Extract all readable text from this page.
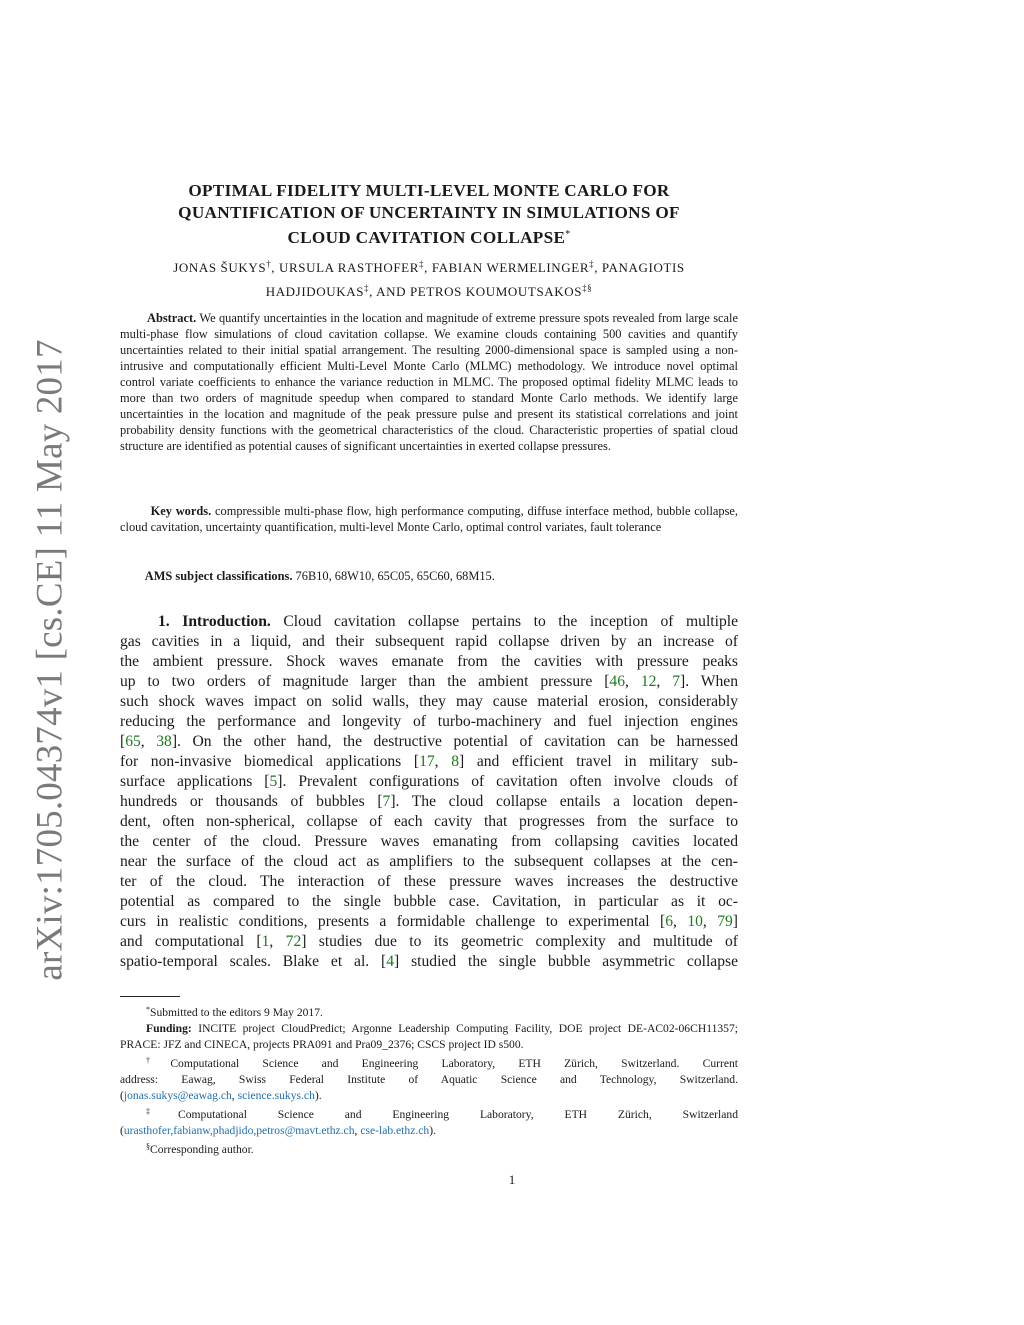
arXiv:1705.04374v1 [cs.CE] 11 May 2017
OPTIMAL FIDELITY MULTI-LEVEL MONTE CARLO FOR
QUANTIFICATION OF UNCERTAINTY IN SIMULATIONS OF
CLOUD CAVITATION COLLAPSE*
JONAS ŠUKYS†, URSULA RASTHOFER‡, FABIAN WERMELINGER‡, PANAGIOTIS
HADJIDOUKAS‡, AND PETROS KOUMOUTSAKOS‡§
Abstract. We quantify uncertainties in the location and magnitude of extreme pressure spots revealed from large scale multi-phase flow simulations of cloud cavitation collapse. We examine clouds containing 500 cavities and quantify uncertainties related to their initial spatial arrangement. The resulting 2000-dimensional space is sampled using a non-intrusive and computationally efficient Multi-Level Monte Carlo (MLMC) methodology. We introduce novel optimal control variate coefficients to enhance the variance reduction in MLMC. The proposed optimal fidelity MLMC leads to more than two orders of magnitude speedup when compared to standard Monte Carlo methods. We identify large uncertainties in the location and magnitude of the peak pressure pulse and present its statistical correlations and joint probability density functions with the geometrical characteristics of the cloud. Characteristic properties of spatial cloud structure are identified as potential causes of significant uncertainties in exerted collapse pressures.
Key words. compressible multi-phase flow, high performance computing, diffuse interface method, bubble collapse, cloud cavitation, uncertainty quantification, multi-level Monte Carlo, optimal control variates, fault tolerance
AMS subject classifications. 76B10, 68W10, 65C05, 65C60, 68M15.
1. Introduction. Cloud cavitation collapse pertains to the inception of multiple
gas cavities in a liquid, and their subsequent rapid collapse driven by an increase of
the ambient pressure. Shock waves emanate from the cavities with pressure peaks
up to two orders of magnitude larger than the ambient pressure [46, 12, 7]. When
such shock waves impact on solid walls, they may cause material erosion, considerably
reducing the performance and longevity of turbo-machinery and fuel injection engines
[65, 38]. On the other hand, the destructive potential of cavitation can be harnessed
for non-invasive biomedical applications [17, 8] and efficient travel in military sub-
surface applications [5]. Prevalent configurations of cavitation often involve clouds of
hundreds or thousands of bubbles [7]. The cloud collapse entails a location depen-
dent, often non-spherical, collapse of each cavity that progresses from the surface to
the center of the cloud. Pressure waves emanating from collapsing cavities located
near the surface of the cloud act as amplifiers to the subsequent collapses at the cen-
ter of the cloud. The interaction of these pressure waves increases the destructive
potential as compared to the single bubble case. Cavitation, in particular as it oc-
curs in realistic conditions, presents a formidable challenge to experimental [6, 10, 79]
and computational [1, 72] studies due to its geometric complexity and multitude of
spatio-temporal scales. Blake et al. [4] studied the single bubble asymmetric collapse

*Submitted to the editors 9 May 2017.

Funding: INCITE project CloudPredict; Argonne Leadership Computing Facility, DOE project DE-AC02-06CH11357; PRACE: JFZ and CINECA, projects PRA091 and Pra09_2376; CSCS project ID s500.

†Computational Science and Engineering Laboratory, ETH Zürich, Switzerland. Current

address: Eawag, Swiss Federal Institute of Aquatic Science and Technology, Switzerland.

(jonas.sukys@eawag.ch, science.sukys.ch).

‡Computational Science and Engineering Laboratory, ETH Zürich, Switzerland

(urasthofer,fabianw,phadjido,petros@mavt.ethz.ch, cse-lab.ethz.ch).

§Corresponding author.

1
